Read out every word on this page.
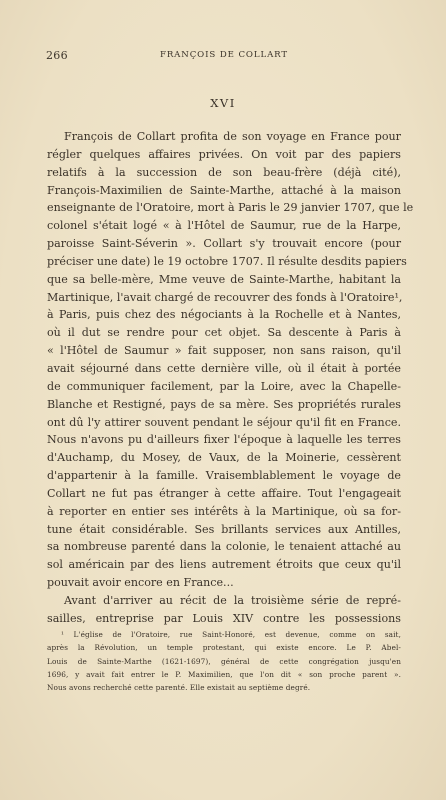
266	FRANÇOIS DE COLLART
XVI
François de Collart profita de son voyage en France pour
régler quelques affaires privées. On voit par des papiers
relatifs à la succession de son beau-frère (déjà cité),
François-Maximilien de Sainte-Marthe, attaché à la maison
enseignante de l'Oratoire, mort à Paris le 29 janvier 1707, que le
colonel s'était logé « à l'Hôtel de Saumur, rue de la Harpe,
paroisse Saint-Séverin ». Collart s'y trouvait encore (pour
préciser une date) le 19 octobre 1707. Il résulte desdits papiers
que sa belle-mère, Mme veuve de Sainte-Marthe, habitant la
Martinique, l'avait chargé de recouvrer des fonds à l'Oratoire¹,
à Paris, puis chez des négociants à la Rochelle et à Nantes,
où il dut se rendre pour cet objet. Sa descente à Paris à
« l'Hôtel de Saumur » fait supposer, non sans raison, qu'il
avait séjourné dans cette dernière ville, où il était à portée
de communiquer facilement, par la Loire, avec la Chapelle-
Blanche et Restigné, pays de sa mère. Ses propriétés rurales
ont dû l'y attirer souvent pendant le séjour qu'il fit en France.
Nous n'avons pu d'ailleurs fixer l'époque à laquelle les terres
d'Auchamp, du Mosey, de Vaux, de la Moinerie, cessèrent
d'appartenir à la famille. Vraisemblablement le voyage de
Collart ne fut pas étranger à cette affaire. Tout l'engageait
à reporter en entier ses intérêts à la Martinique, où sa for-
tune était considérable. Ses brillants services aux Antilles,
sa nombreuse parenté dans la colonie, le tenaient attaché au
sol américain par des liens autrement étroits que ceux qu'il
pouvait avoir encore en France...
Avant d'arriver au récit de la troisième série de repré-
sailles, entreprise par Louis XIV contre les possessions
¹ L'église de l'Oratoire, rue Saint-Honoré, est devenue, comme on sait,
après la Révolution, un temple protestant, qui existe encore. Le P. Abel-
Louis de Sainte-Marthe (1621-1697), général de cette congrégation jusqu'en
1696, y avait fait entrer le P. Maximilien, que l'on dit « son proche parent ».
Nous avons recherché cette parenté. Elle existait au septième degré.
